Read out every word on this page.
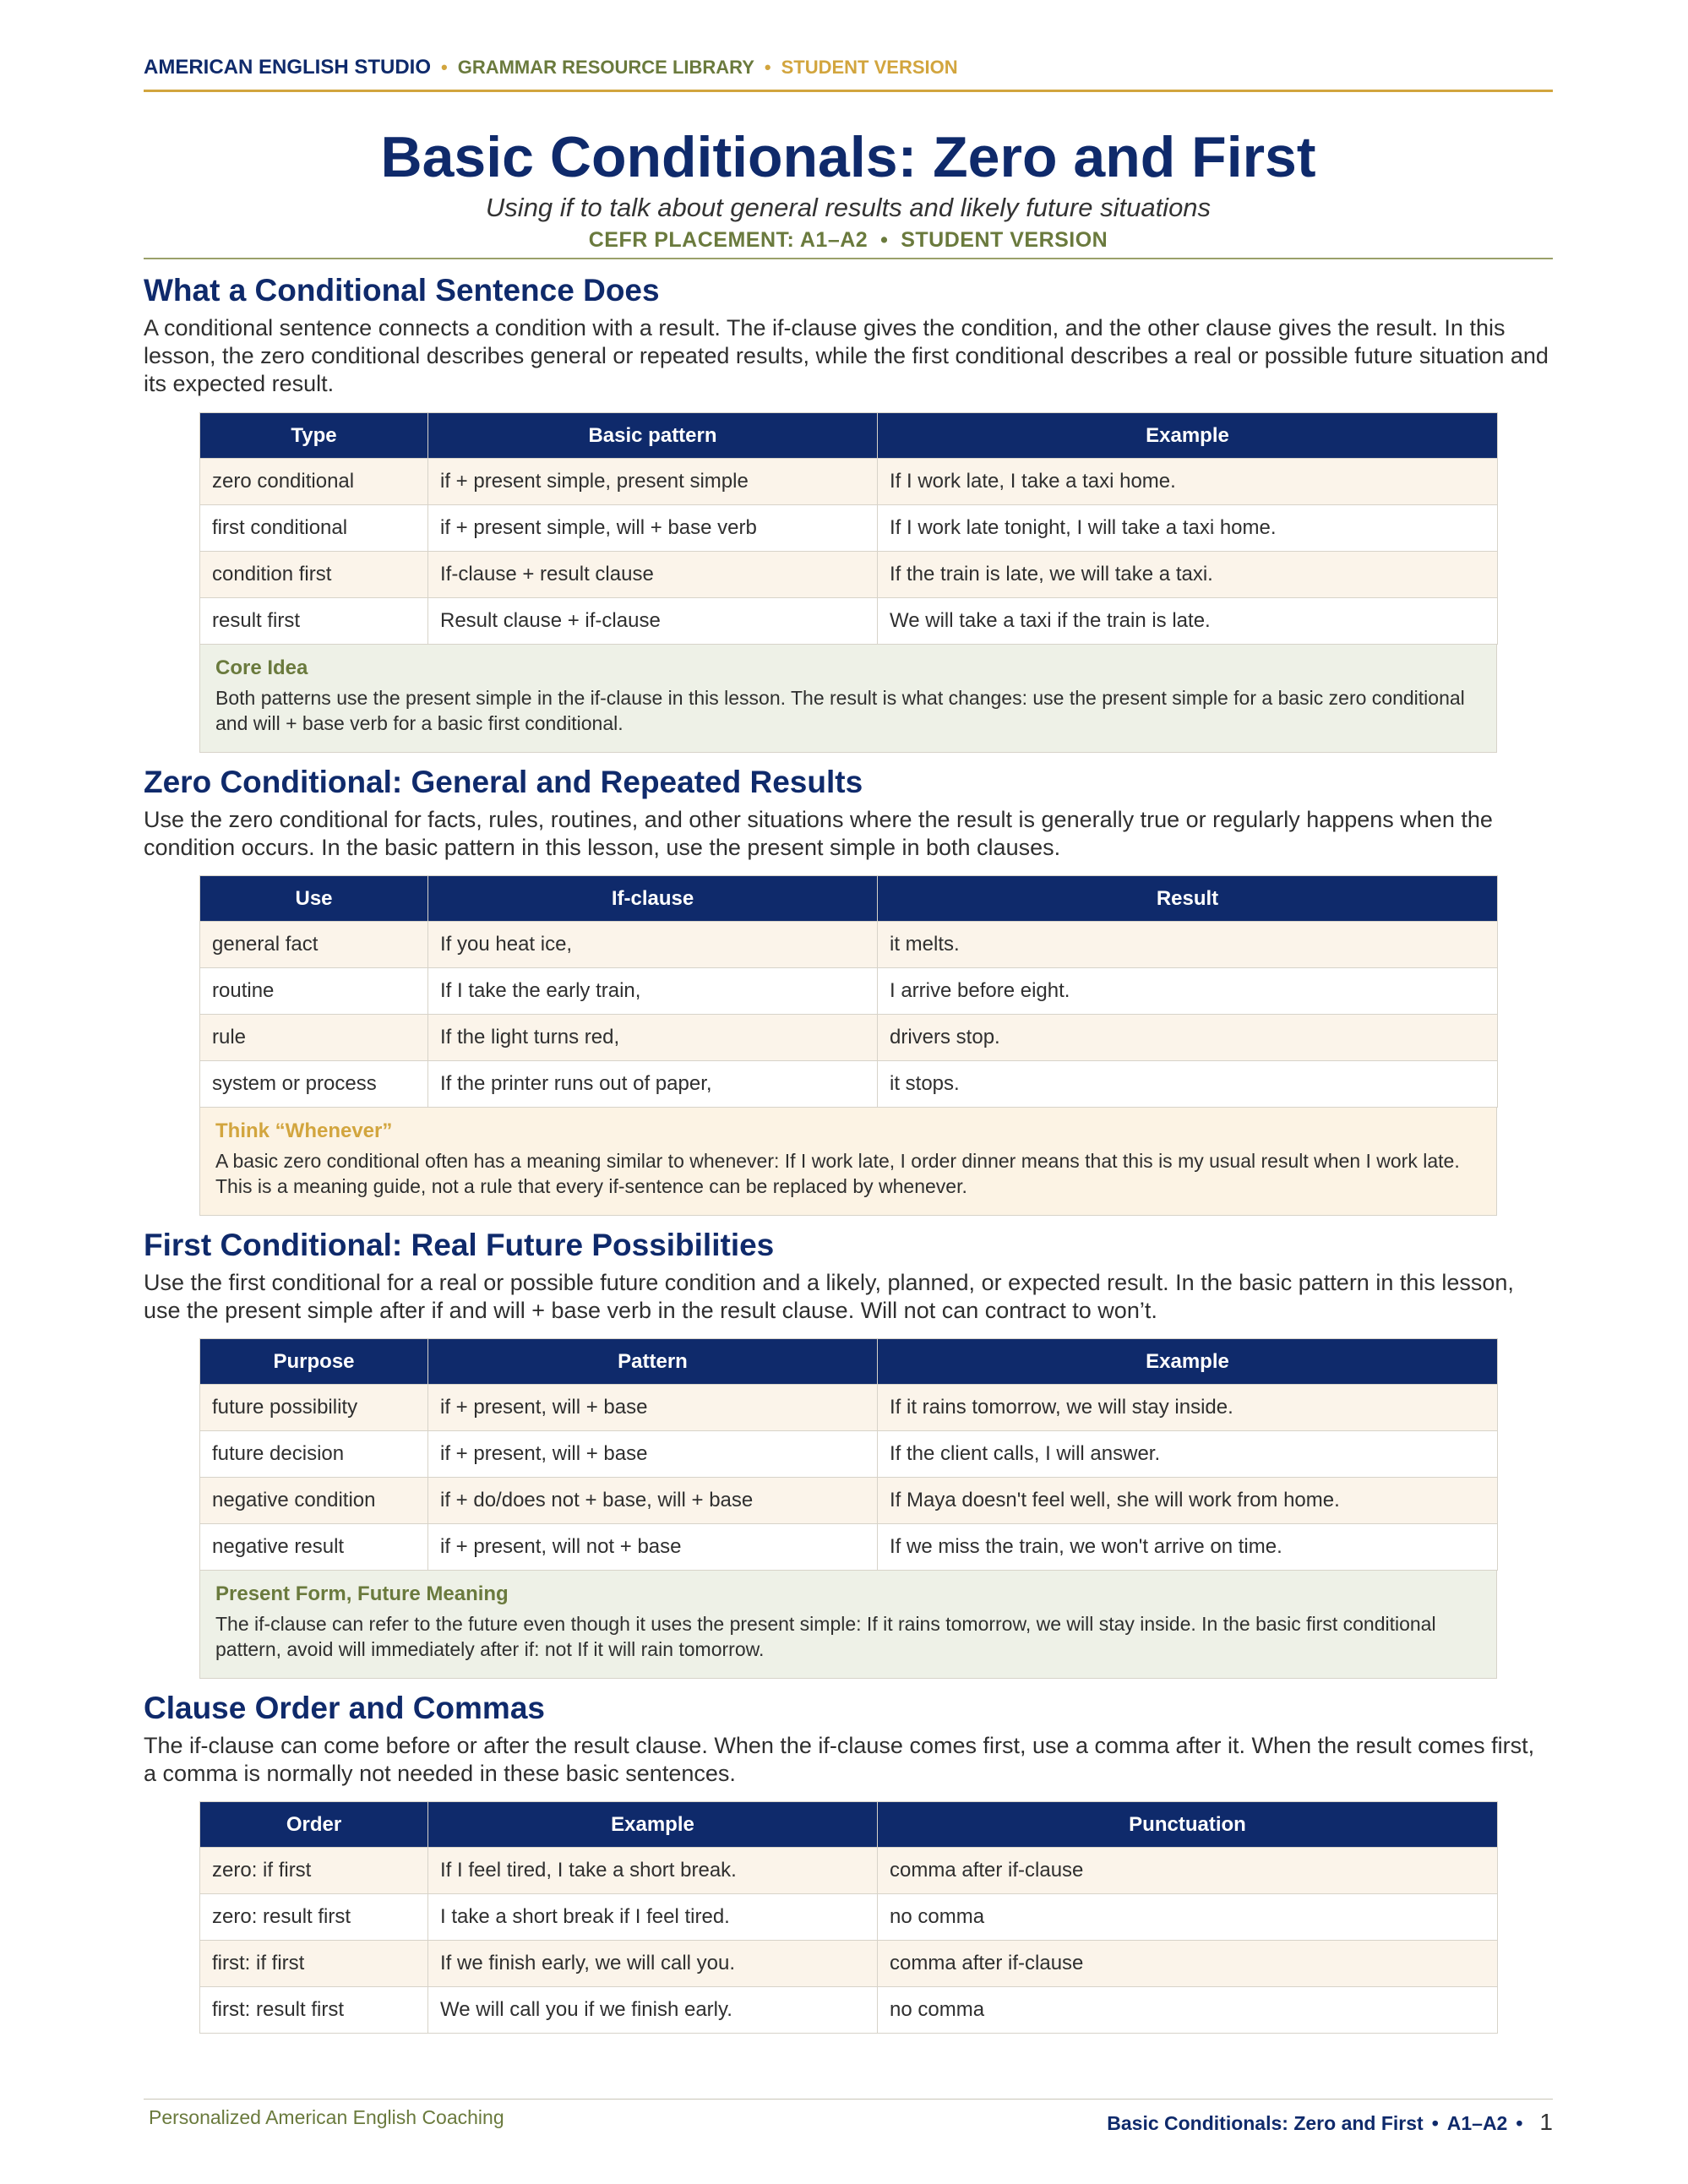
AMERICAN ENGLISH STUDIO • GRAMMAR RESOURCE LIBRARY • STUDENT VERSION
Basic Conditionals: Zero and First
Using if to talk about general results and likely future situations
CEFR PLACEMENT: A1–A2  •  STUDENT VERSION
What a Conditional Sentence Does

A conditional sentence connects a condition with a result. The if-clause gives the condition, and the other clause gives the result. In this lesson, the zero conditional describes general or repeated results, while the first conditional describes a real or possible future situation and its expected result.

Type	Basic pattern	Example
zero conditional	if + present simple, present simple	If I work late, I take a taxi home.
first conditional	if + present simple, will + base verb	If I work late tonight, I will take a taxi home.
condition first	If-clause + result clause	If the train is late, we will take a taxi.
result first	Result clause + if-clause	We will take a taxi if the train is late.
Core Idea
Both patterns use the present simple in the if-clause in this lesson. The result is what changes: use the present simple for a basic zero conditional and will + base verb for a basic first conditional.
Zero Conditional: General and Repeated Results

Use the zero conditional for facts, rules, routines, and other situations where the result is generally true or regularly happens when the condition occurs. In the basic pattern in this lesson, use the present simple in both clauses.

Use	If-clause	Result
general fact	If you heat ice,	it melts.
routine	If I take the early train,	I arrive before eight.
rule	If the light turns red,	drivers stop.
system or process	If the printer runs out of paper,	it stops.
Think “Whenever”
A basic zero conditional often has a meaning similar to whenever: If I work late, I order dinner means that this is my usual result when I work late. This is a meaning guide, not a rule that every if-sentence can be replaced by whenever.
First Conditional: Real Future Possibilities

Use the first conditional for a real or possible future condition and a likely, planned, or expected result. In the basic pattern in this lesson, use the present simple after if and will + base verb in the result clause. Will not can contract to won’t.

Purpose	Pattern	Example
future possibility	if + present, will + base	If it rains tomorrow, we will stay inside.
future decision	if + present, will + base	If the client calls, I will answer.
negative condition	if + do/does not + base, will + base	If Maya doesn't feel well, she will work from home.
negative result	if + present, will not + base	If we miss the train, we won't arrive on time.
Present Form, Future Meaning
The if-clause can refer to the future even though it uses the present simple: If it rains tomorrow, we will stay inside. In the basic first conditional pattern, avoid will immediately after if: not If it will rain tomorrow.
Clause Order and Commas

The if-clause can come before or after the result clause. When the if-clause comes first, use a comma after it. When the result comes first, a comma is normally not needed in these basic sentences.

Order	Example	Punctuation
zero: if first	If I feel tired, I take a short break.	comma after if-clause
zero: result first	I take a short break if I feel tired.	no comma
first: if first	If we finish early, we will call you.	comma after if-clause
first: result first	We will call you if we finish early.	no comma
Personalized American English Coaching	Basic Conditionals: Zero and First • A1–A2 • 1
